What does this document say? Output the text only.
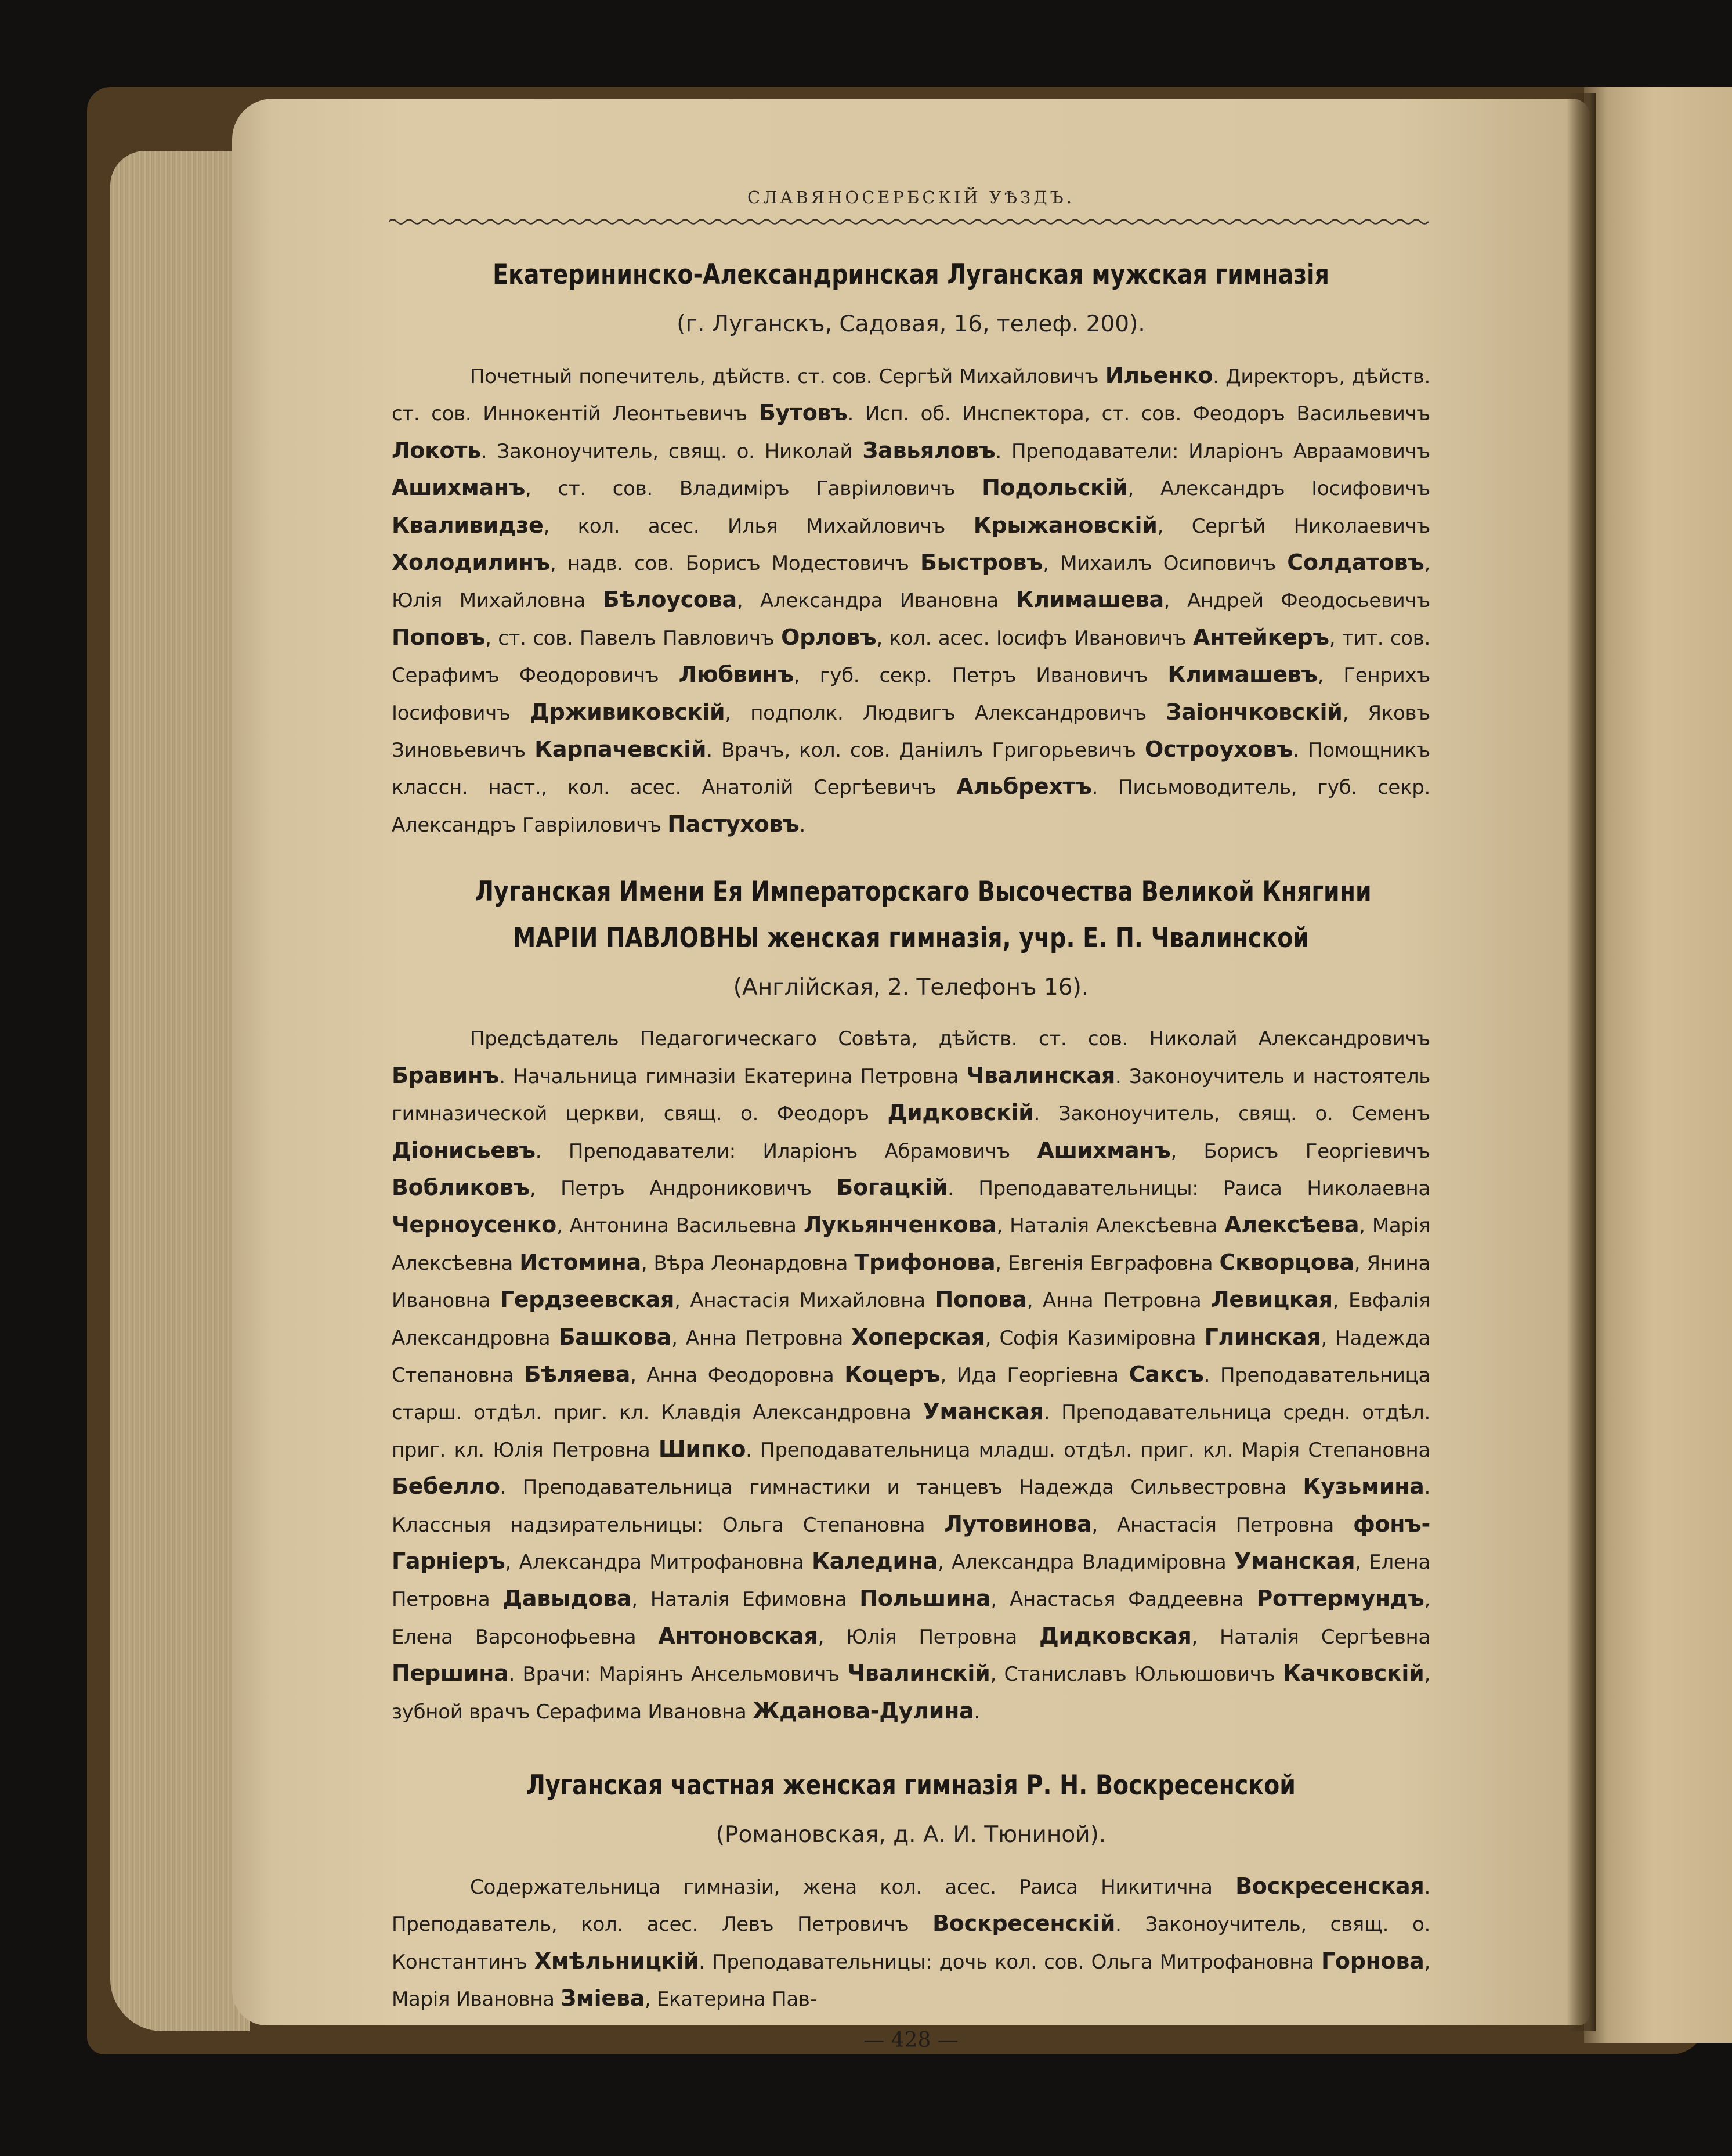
СЛАВЯНОСЕРБСКІЙ УѢЗДЪ.
Екатерининско-Александринская Луганская мужская гимназія
(г. Луганскъ, Садовая, 16, телеф. 200).

Почетный попечитель, дѣйств. ст. сов. Сергѣй Михайловичъ Ильенко. Директоръ, дѣйств. ст. сов. Иннокентій Леонтьевичъ Бутовъ. Исп. об. Инспектора, ст. сов. Феодоръ Васильевичъ Локоть. Законоучитель, свящ. о. Николай Завьяловъ. Преподаватели: Иларіонъ Авраамовичъ Ашихманъ, ст. сов. Владиміръ Гавріиловичъ Подольскій, Александръ Іосифовичъ Кваливидзе, кол. асес. Илья Михайловичъ Крыжановскій, Сергѣй Николаевичъ Холодилинъ, надв. сов. Борисъ Модестовичъ Быстровъ, Михаилъ Осиповичъ Солдатовъ, Юлія Михайловна Бѣлоусова, Александра Ивановна Климашева, Андрей Феодосьевичъ Поповъ, ст. сов. Павелъ Павловичъ Орловъ, кол. асес. Іосифъ Ивановичъ Антейкеръ, тит. сов. Серафимъ Феодоровичъ Любвинъ, губ. секр. Петръ Ивановичъ Климашевъ, Генрихъ Іосифовичъ Држивиковскій, подполк. Людвигъ Александровичъ Заіончковскій, Яковъ Зиновьевичъ Карпачевскій. Врачъ, кол. сов. Даніилъ Григорьевичъ Остроуховъ. Помощникъ классн. наст., кол. асес. Анатолій Сергѣевичъ Альбрехтъ. Письмоводитель, губ. секр. Александръ Гавріиловичъ Пастуховъ.

Луганская Имени Ея Императорскаго Высочества Великой Княгини
МАРІИ ПАВЛОВНЫ женская гимназія, учр. Е. П. Чвалинской
(Англійская, 2. Телефонъ 16).

Предсѣдатель Педагогическаго Совѣта, дѣйств. ст. сов. Николай Александровичъ Бравинъ. Начальница гимназіи Екатерина Петровна Чвалинская. Законоучитель и настоятель гимназической церкви, свящ. о. Феодоръ Дидковскій. Законоучитель, свящ. о. Семенъ Діонисьевъ. Преподаватели: Иларіонъ Абрамовичъ Ашихманъ, Борисъ Георгіевичъ Вобликовъ, Петръ Андрониковичъ Богацкій. Преподавательницы: Раиса Николаевна Черноусенко, Антонина Васильевна Лукьянченкова, Наталія Алексѣевна Алексѣева, Марія Алексѣевна Истомина, Вѣра Леонардовна Трифонова, Евгенія Евграфовна Скворцова, Янина Ивановна Гердзеевская, Анастасія Михайловна Попова, Анна Петровна Левицкая, Евфалія Александровна Башкова, Анна Петровна Хоперская, Софія Казиміровна Глинская, Надежда Степановна Бѣляева, Анна Феодоровна Коцеръ, Ида Георгіевна Саксъ. Преподавательница старш. отдѣл. приг. кл. Клавдія Александровна Уманская. Преподавательница средн. отдѣл. приг. кл. Юлія Петровна Шипко. Преподавательница младш. отдѣл. приг. кл. Марія Степановна Бебелло. Преподавательница гимнастики и танцевъ Надежда Сильвестровна Кузьмина. Классныя надзирательницы: Ольга Степановна Лутовинова, Анастасія Петровна фонъ-Гарніеръ, Александра Митрофановна Каледина, Александра Владиміровна Уманская, Елена Петровна Давыдова, Наталія Ефимовна Польшина, Анастасья Фаддеевна Роттермундъ, Елена Варсонофьевна Антоновская, Юлія Петровна Дидковская, Наталія Сергѣевна Першина. Врачи: Маріянъ Ансельмовичъ Чвалинскій, Станиславъ Юльюшовичъ Качковскій, зубной врачъ Серафима Ивановна Жданова-Дулина.

Луганская частная женская гимназія Р. Н. Воскресенской
(Романовская, д. А. И. Тюниной).

Содержательница гимназіи, жена кол. асес. Раиса Никитична Воскресенская. Преподаватель, кол. асес. Левъ Петровичъ Воскресенскій. Законоучитель, свящ. о. Константинъ Хмѣльницкій. Преподавательницы: дочь кол. сов. Ольга Митрофановна Горнова, Марія Ивановна Зміева, Екатерина Пав-

— 428 —
